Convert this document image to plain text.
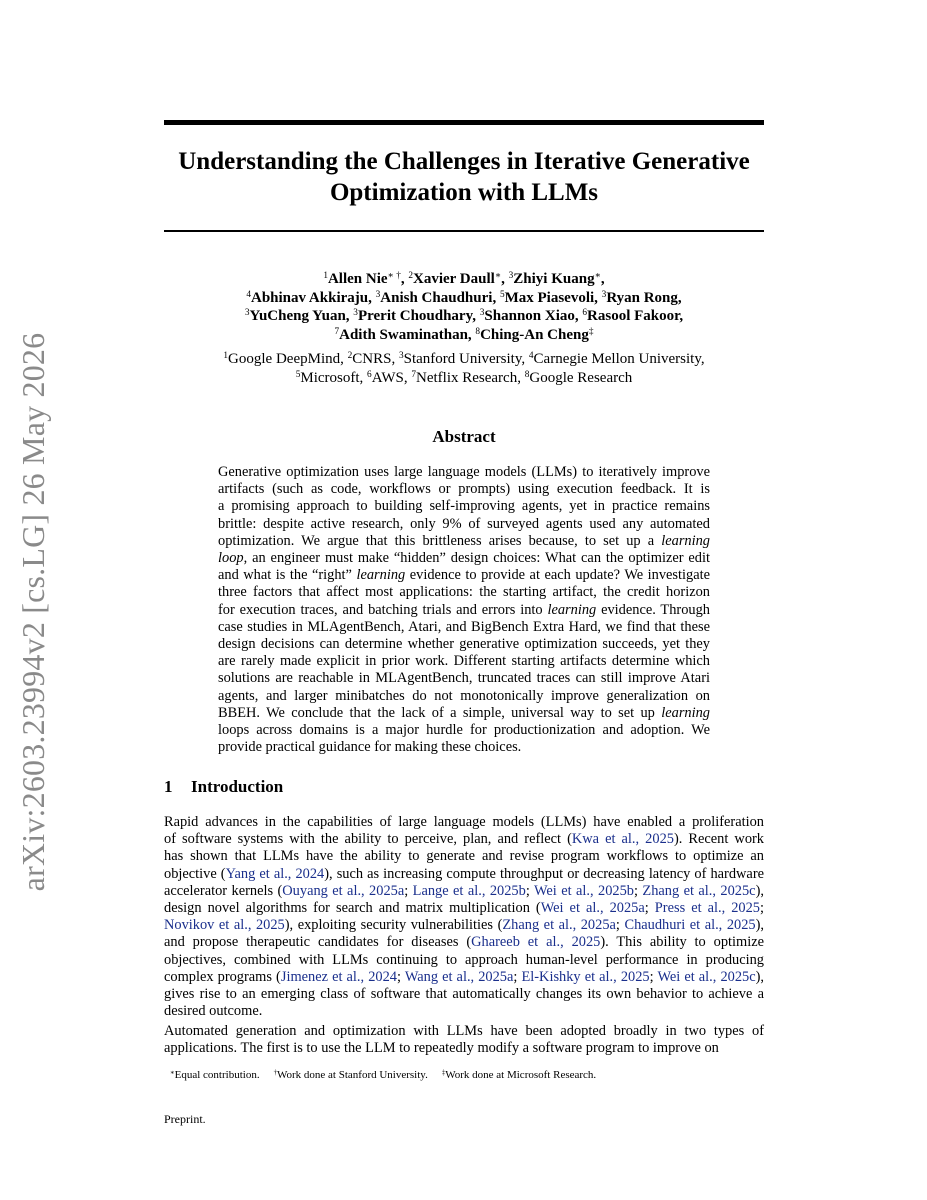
Understanding the Challenges in Iterative Generative
Optimization with LLMs
arXiv:2603.23994v2 [cs.LG] 26 May 2026
$^1$Allen Nie∗ †, $^2$Xavier Daull∗, $^3$Zhiyi Kuang∗,
$^4$Abhinav Akkiraju, $^3$Anish Chaudhuri, $^5$Max Piasevoli, $^3$Ryan Rong,
$^3$YuCheng Yuan, $^3$Prerit Choudhary, $^3$Shannon Xiao, $^6$Rasool Fakoor,
$^7$Adith Swaminathan, $^8$Ching-An Cheng‡
$^1$Google DeepMind, $^2$CNRS, $^3$Stanford University, $^4$Carnegie Mellon University,
$^5$Microsoft, $^6$AWS, $^7$Netflix Research, $^8$Google Research
Abstract
Generative optimization uses large language models (LLMs) to iteratively improve
artifacts (such as code, workflows or prompts) using execution feedback. It is
a promising approach to building self-improving agents, yet in practice remains
brittle: despite active research, only 9% of surveyed agents used any automated
optimization. We argue that this brittleness arises because, to set up a learning
loop, an engineer must make “hidden” design choices: What can the optimizer edit
and what is the “right” learning evidence to provide at each update? We investigate
three factors that affect most applications: the starting artifact, the credit horizon
for execution traces, and batching trials and errors into learning evidence. Through
case studies in MLAgentBench, Atari, and BigBench Extra Hard, we find that these
design decisions can determine whether generative optimization succeeds, yet they
are rarely made explicit in prior work. Different starting artifacts determine which
solutions are reachable in MLAgentBench, truncated traces can still improve Atari
agents, and larger minibatches do not monotonically improve generalization on
BBEH. We conclude that the lack of a simple, universal way to set up learning
loops across domains is a major hurdle for productionization and adoption. We
provide practical guidance for making these choices.
1 Introduction
Rapid advances in the capabilities of large language models (LLMs) have enabled a proliferation
of software systems with the ability to perceive, plan, and reflect (Kwa et al., 2025). Recent work
has shown that LLMs have the ability to generate and revise program workflows to optimize an
objective (Yang et al., 2024), such as increasing compute throughput or decreasing latency of hardware
accelerator kernels (Ouyang et al., 2025a; Lange et al., 2025b; Wei et al., 2025b; Zhang et al., 2025c),
design novel algorithms for search and matrix multiplication (Wei et al., 2025a; Press et al., 2025;
Novikov et al., 2025), exploiting security vulnerabilities (Zhang et al., 2025a; Chaudhuri et al., 2025),
and propose therapeutic candidates for diseases (Ghareeb et al., 2025). This ability to optimize
objectives, combined with LLMs continuing to approach human-level performance in producing
complex programs (Jimenez et al., 2024; Wang et al., 2025a; El-Kishky et al., 2025; Wei et al., 2025c),
gives rise to an emerging class of software that automatically changes its own behavior to achieve a
desired outcome.
Automated generation and optimization with LLMs have been adopted broadly in two types of
applications. The first is to use the LLM to repeatedly modify a software program to improve on
∗Equal contribution. †Work done at Stanford University. ‡Work done at Microsoft Research.
Preprint.
